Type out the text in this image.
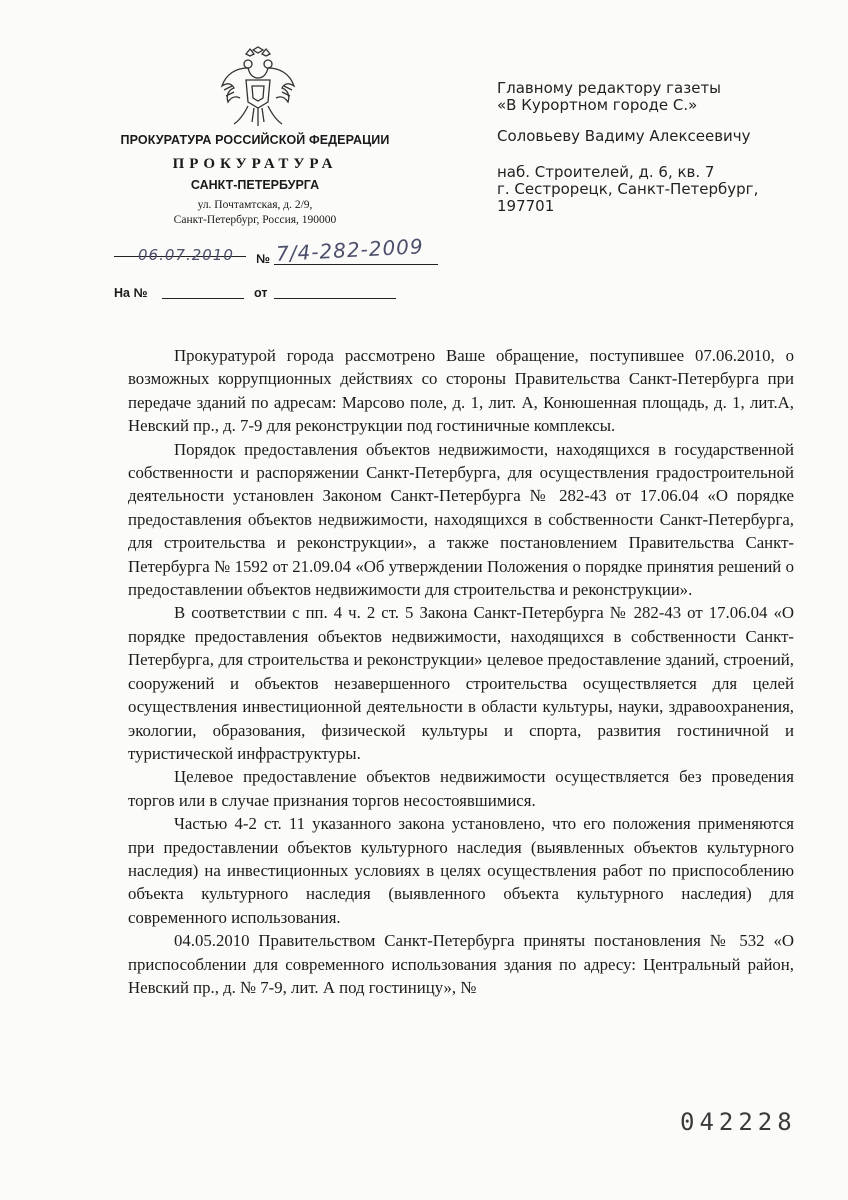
ПРОКУРАТУРА РОССИЙСКОЙ ФЕДЕРАЦИИ
ПРОКУРАТУРА
САНКТ-ПЕТЕРБУРГА
ул. Почтамтская, д. 2/9,
Санкт-Петербург, Россия, 190000
06.07.2010 № 7/4-282-2009
На №	от
Главному редактору газеты
«В Курортном городе С.»
Соловьеву Вадиму Алексеевичу
наб. Строителей, д. 6, кв. 7
г. Сестрорецк, Санкт-Петербург,
197701

Прокуратурой города рассмотрено Ваше обращение, поступившее 07.06.2010, о возможных коррупционных действиях со стороны Правительства Санкт-Петербурга при передаче зданий по адресам: Марсово поле, д. 1, лит. А, Конюшенная площадь, д. 1, лит.А, Невский пр., д. 7-9 для реконструкции под гостиничные комплексы.

Порядок предоставления объектов недвижимости, находящихся в государственной собственности и распоряжении Санкт-Петербурга, для осуществления градостроительной деятельности установлен Законом Санкт-Петербурга № 282-43 от 17.06.04 «О порядке предоставления объектов недвижимости, находящихся в собственности Санкт-Петербурга, для строительства и реконструкции», а также постановлением Правительства Санкт-Петербурга № 1592 от 21.09.04 «Об утверждении Положения о порядке принятия решений о предоставлении объектов недвижимости для строительства и реконструкции».

В соответствии с пп. 4 ч. 2 ст. 5 Закона Санкт-Петербурга № 282-43 от 17.06.04 «О порядке предоставления объектов недвижимости, находящихся в собственности Санкт-Петербурга, для строительства и реконструкции» целевое предоставление зданий, строений, сооружений и объектов незавершенного строительства осуществляется для целей осуществления инвестиционной деятельности в области культуры, науки, здравоохранения, экологии, образования, физической культуры и спорта, развития гостиничной и туристической инфраструктуры.

Целевое предоставление объектов недвижимости осуществляется без проведения торгов или в случае признания торгов несостоявшимися.

Частью 4-2 ст. 11 указанного закона установлено, что его положения применяются при предоставлении объектов культурного наследия (выявленных объектов культурного наследия) на инвестиционных условиях в целях осуществления работ по приспособлению объекта культурного наследия (выявленного объекта культурного наследия) для современного использования.

04.05.2010 Правительством Санкт-Петербурга приняты постановления № 532 «О приспособлении для современного использования здания по адресу: Центральный район, Невский пр., д. № 7-9, лит. А под гостиницу», №

042228
